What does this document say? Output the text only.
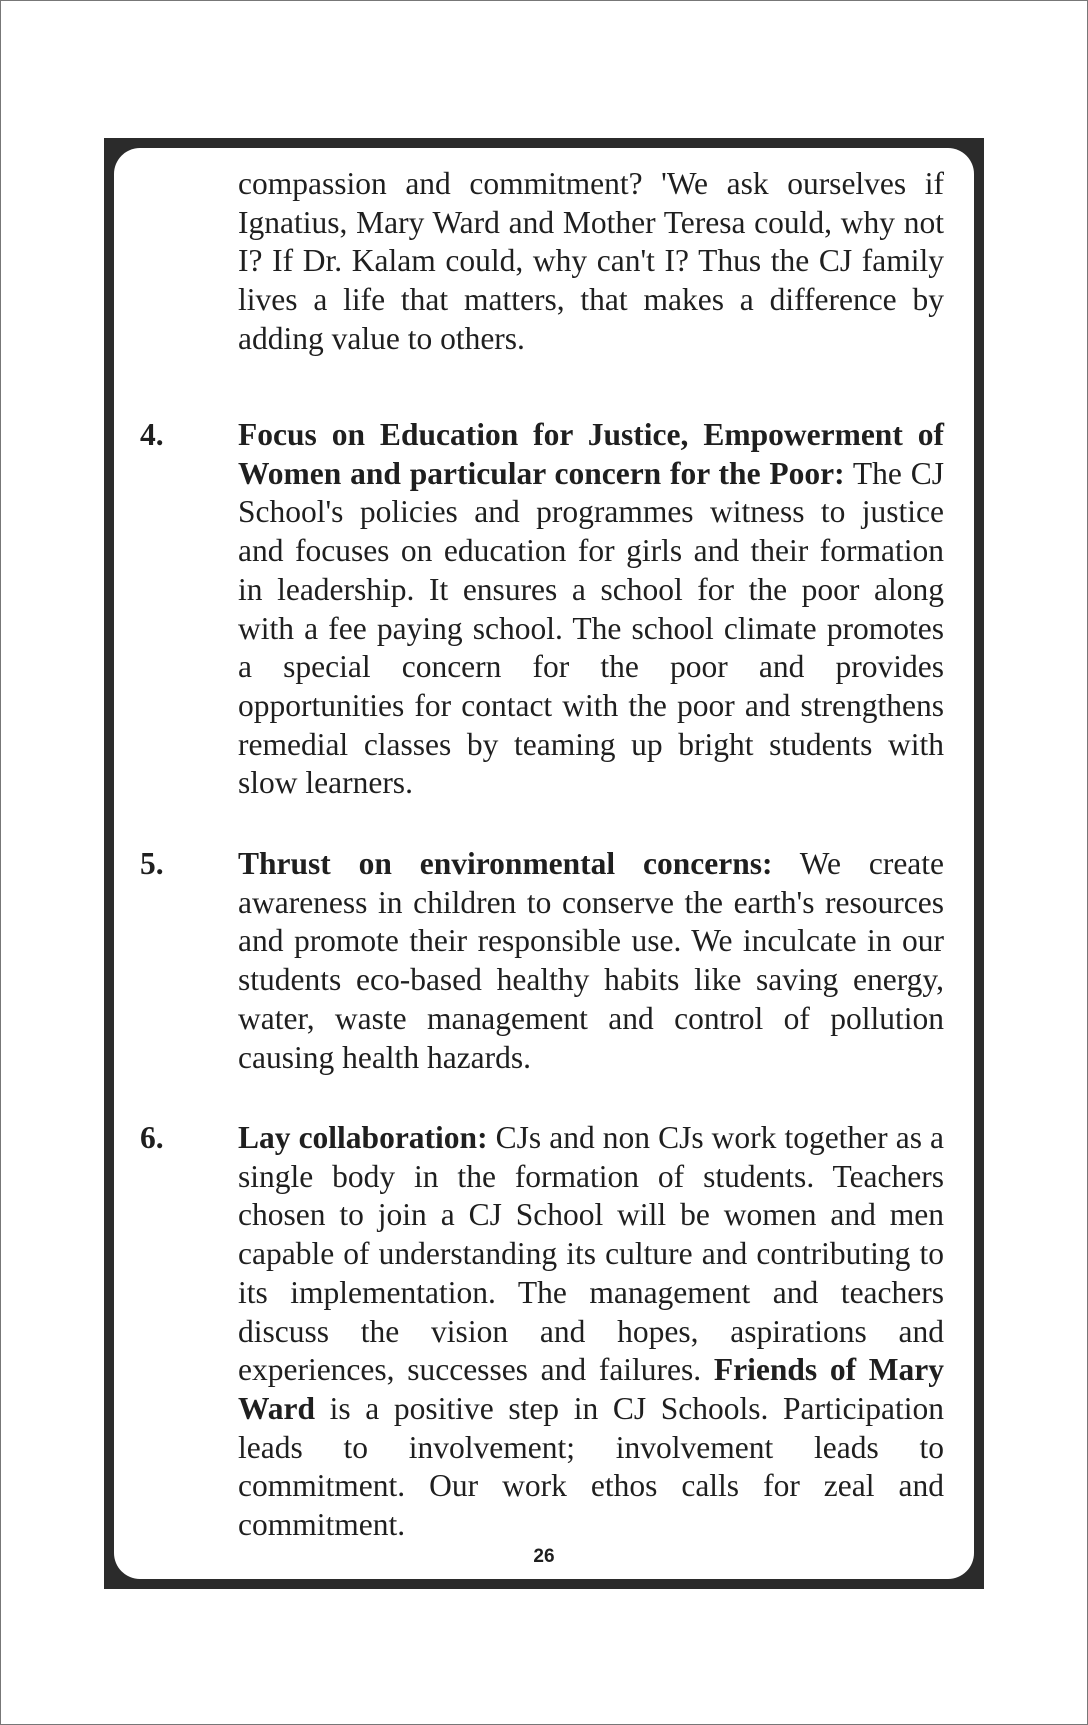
compassion and commitment? 'We ask ourselves if Ignatius, Mary Ward and Mother Teresa could, why not I? If Dr. Kalam could, why can't I? Thus the CJ family lives a life that matters, that makes a difference by adding value to others.

4. Focus on Education for Justice, Empowerment of Women and particular concern for the Poor: The CJ School's policies and programmes witness to justice and focuses on education for girls and their formation in leadership. It ensures a school for the poor along with a fee paying school. The school climate promotes a special concern for the poor and provides opportunities for contact with the poor and strengthens remedial classes by teaming up bright students with slow learners.

5. Thrust on environmental concerns: We create awareness in children to conserve the earth's resources and promote their responsible use. We inculcate in our students eco-based healthy habits like saving energy, water, waste management and control of pollution causing health hazards.

6. Lay collaboration: CJs and non CJs work together as a single body in the formation of students. Teachers chosen to join a CJ School will be women and men capable of understanding its culture and contributing to its implementation. The management and teachers discuss the vision and hopes, aspirations and experiences, successes and failures. Friends of Mary Ward is a positive step in CJ Schools. Participation leads to involvement; involvement leads to commitment. Our work ethos calls for zeal and commitment.

26
